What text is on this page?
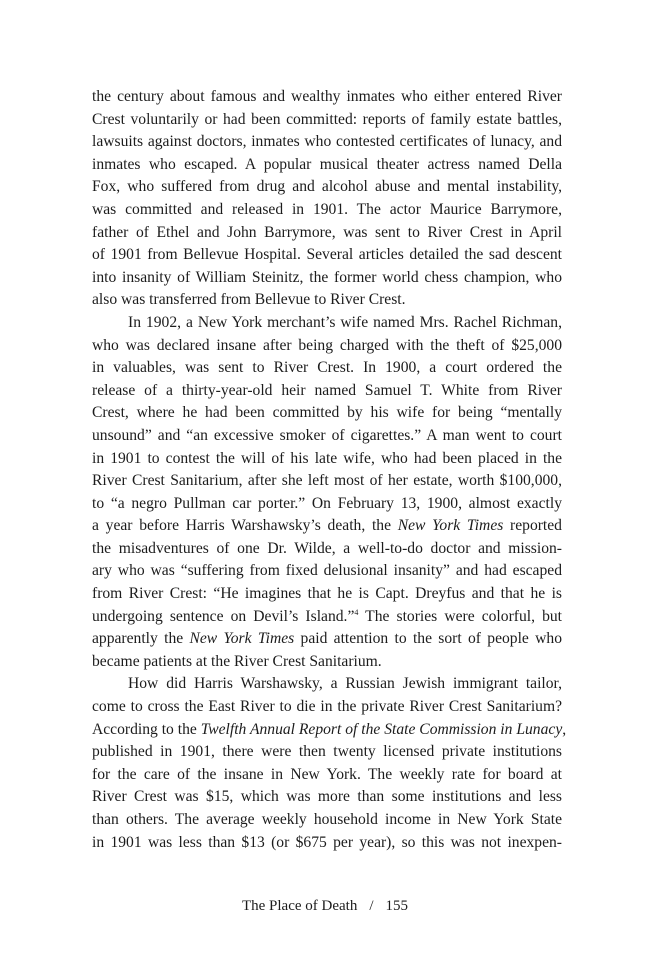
the century about famous and wealthy inmates who either entered River
Crest voluntarily or had been committed: reports of family estate battles,
lawsuits against doctors, inmates who contested certificates of lunacy, and
inmates who escaped. A popular musical theater actress named Della
Fox, who suffered from drug and alcohol abuse and mental instability,
was committed and released in 1901. The actor Maurice Barrymore,
father of Ethel and John Barrymore, was sent to River Crest in April
of 1901 from Bellevue Hospital. Several articles detailed the sad descent
into insanity of William Steinitz, the former world chess champion, who
also was transferred from Bellevue to River Crest.
In 1902, a New York merchant’s wife named Mrs. Rachel Richman,
who was declared insane after being charged with the theft of $25,000
in valuables, was sent to River Crest. In 1900, a court ordered the
release of a thirty-year-old heir named Samuel T. White from River
Crest, where he had been committed by his wife for being “mentally
unsound” and “an excessive smoker of cigarettes.” A man went to court
in 1901 to contest the will of his late wife, who had been placed in the
River Crest Sanitarium, after she left most of her estate, worth $100,000,
to “a negro Pullman car porter.” On February 13, 1900, almost exactly
a year before Harris Warshawsky’s death, the New York Times reported
the misadventures of one Dr. Wilde, a well-to-do doctor and mission-
ary who was “suffering from fixed delusional insanity” and had escaped
from River Crest: “He imagines that he is Capt. Dreyfus and that he is
undergoing sentence on Devil’s Island.”$^4$ The stories were colorful, but
apparently the New York Times paid attention to the sort of people who
became patients at the River Crest Sanitarium.
How did Harris Warshawsky, a Russian Jewish immigrant tailor,
come to cross the East River to die in the private River Crest Sanitarium?
According to the Twelfth Annual Report of the State Commission in Lunacy,
published in 1901, there were then twenty licensed private institutions
for the care of the insane in New York. The weekly rate for board at
River Crest was $15, which was more than some institutions and less
than others. The average weekly household income in New York State
in 1901 was less than $13 (or $675 per year), so this was not inexpen-
The Place of Death / 155
